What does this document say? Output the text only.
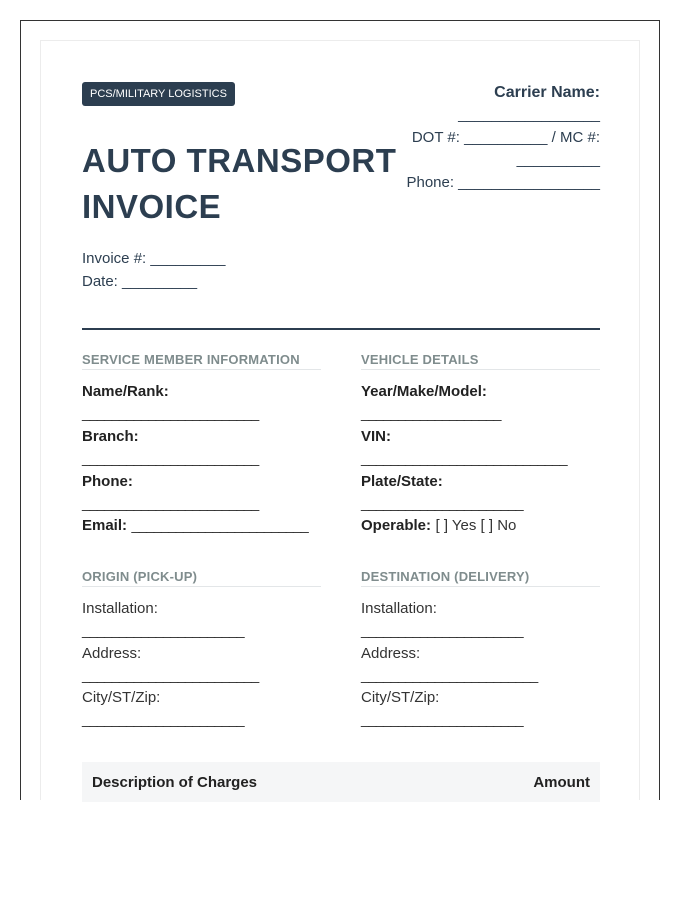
PCS/MILITARY LOGISTICS
AUTO TRANSPORT
INVOICE
Invoice #: _________
Date: _________
Carrier Name:
_________________
DOT #: __________ / MC #:
__________
Phone: _________________
SERVICE MEMBER INFORMATION
Name/Rank:
________________________
Branch:
________________________
Phone:
________________________
Email: ________________________
VEHICLE DETAILS
Year/Make/Model:
___________________
VIN:
____________________________
Plate/State:
______________________
Operable: [ ] Yes [ ] No
ORIGIN (PICK-UP)
Installation:
______________________
Address:
________________________
City/ST/Zip:
______________________
DESTINATION (DELIVERY)
Installation:
______________________
Address:
________________________
City/ST/Zip:
______________________
Description of Charges	Amount
